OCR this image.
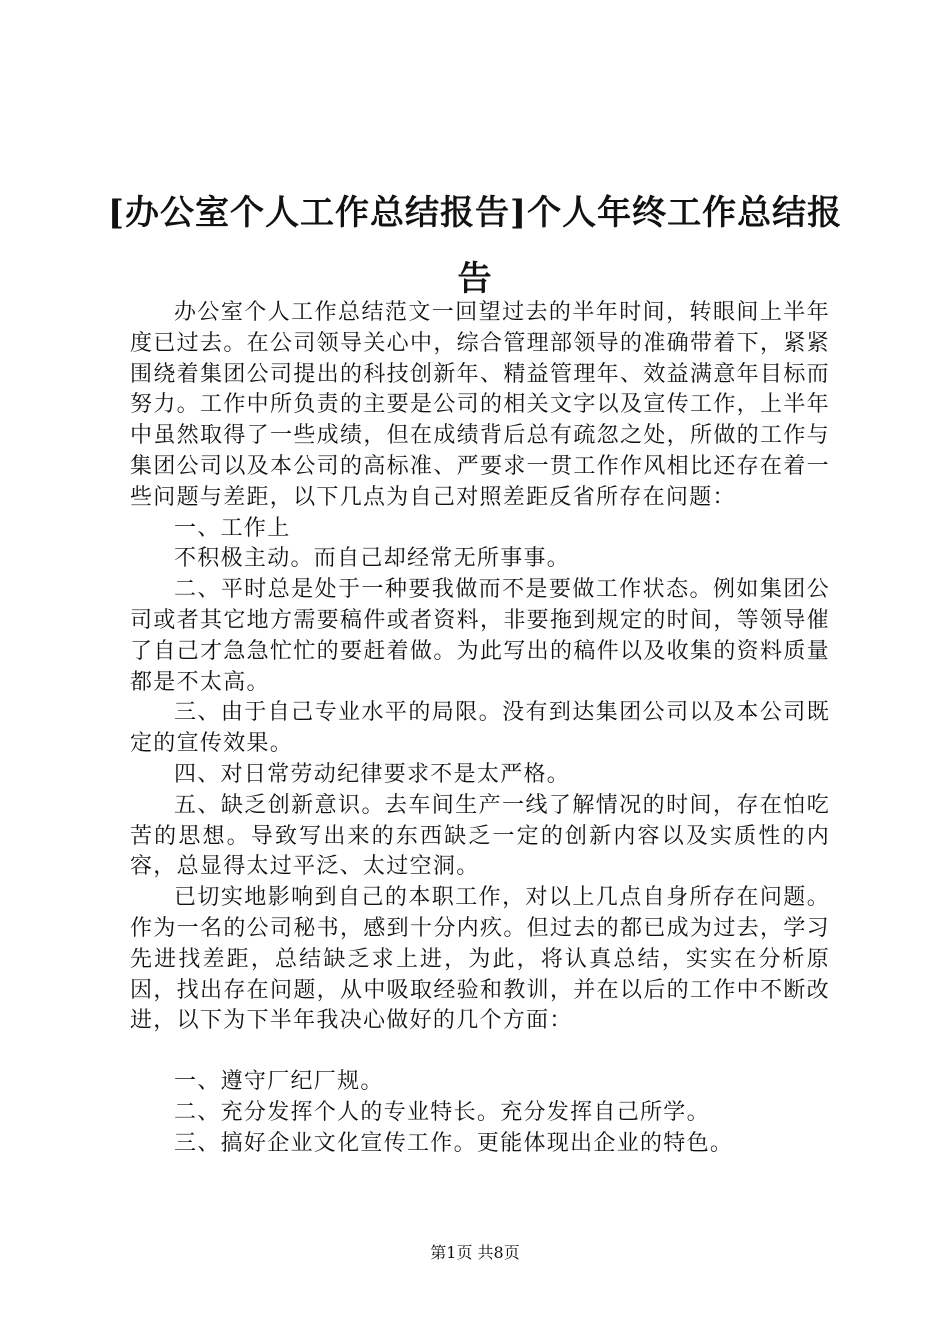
[办公室个人工作总结报告]个人年终工作总结报告

办公室个人工作总结范文一回望过去的半年时间，转眼间上半年度已过去。在公司领导关心中，综合管理部领导的准确带着下，紧紧围绕着集团公司提出的科技创新年、精益管理年、效益满意年目标而努力。工作中所负责的主要是公司的相关文字以及宣传工作，上半年中虽然取得了一些成绩，但在成绩背后总有疏忽之处，所做的工作与集团公司以及本公司的高标准、严要求一贯工作作风相比还存在着一些问题与差距，以下几点为自己对照差距反省所存在问题：

一、工作上

不积极主动。而自己却经常无所事事。

二、平时总是处于一种要我做而不是要做工作状态。例如集团公司或者其它地方需要稿件或者资料，非要拖到规定的时间，等领导催了自己才急急忙忙的要赶着做。为此写出的稿件以及收集的资料质量都是不太高。

三、由于自己专业水平的局限。没有到达集团公司以及本公司既定的宣传效果。

四、对日常劳动纪律要求不是太严格。

五、缺乏创新意识。去车间生产一线了解情况的时间，存在怕吃苦的思想。导致写出来的东西缺乏一定的创新内容以及实质性的内容，总显得太过平泛、太过空洞。

已切实地影响到自己的本职工作，对以上几点自身所存在问题。作为一名的公司秘书，感到十分内疚。但过去的都已成为过去，学习先进找差距，总结缺乏求上进，为此，将认真总结，实实在分析原因，找出存在问题，从中吸取经验和教训，并在以后的工作中不断改进，以下为下半年我决心做好的几个方面：

一、遵守厂纪厂规。

二、充分发挥个人的专业特长。充分发挥自己所学。

三、搞好企业文化宣传工作。更能体现出企业的特色。

第1页 共8页
